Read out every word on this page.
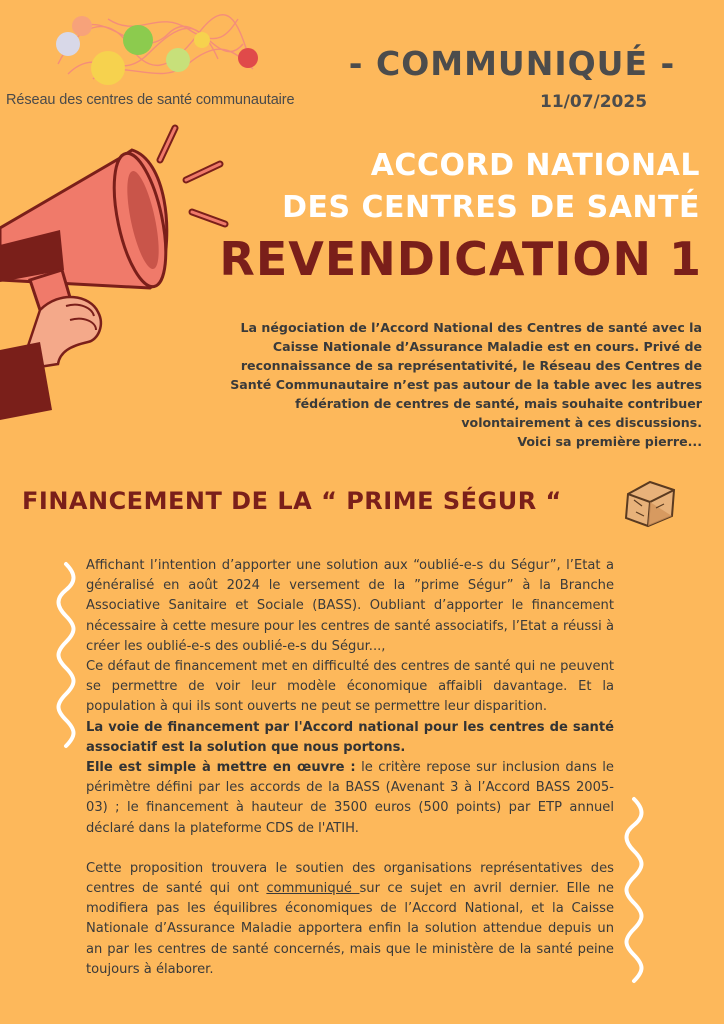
Réseau des centres de santé communautaire
- COMMUNIQUÉ -
11/07/2025
ACCORD NATIONAL
DES CENTRES DE SANTÉ
REVENDICATION 1

La négociation de l’Accord National des Centres de santé avec la Caisse Nationale d’Assurance Maladie est en cours. Privé de reconnaissance de sa représentativité, le Réseau des Centres de Santé Communautaire n’est pas autour de la table avec les autres fédération de centres de santé, mais souhaite contribuer volontairement à ces discussions.

Voici sa première pierre...

FINANCEMENT DE LA “ PRIME SÉGUR “

Affichant l’intention d’apporter une solution aux “oublié-e-s du Ségur”, l’Etat a généralisé en août 2024 le versement de la ”prime Ségur” à la Branche Associative Sanitaire et Sociale (BASS). Oubliant d’apporter le financement nécessaire à cette mesure pour les centres de santé associatifs, l’Etat a réussi à créer les oublié-e-s des oublié-e-s du Ségur...,

Ce défaut de financement met en difficulté des centres de santé qui ne peuvent se permettre de voir leur modèle économique affaibli davantage. Et la population à qui ils sont ouverts ne peut se permettre leur disparition.

La voie de financement par l'Accord national pour les centres de santé associatif est la solution que nous portons.

Elle est simple à mettre en œuvre : le critère repose sur inclusion dans le périmètre défini par les accords de la BASS (Avenant 3 à l’Accord BASS 2005-03) ; le financement à hauteur de 3500 euros (500 points) par ETP annuel déclaré dans la plateforme CDS de l'ATIH.

Cette proposition trouvera le soutien des organisations représentatives des centres de santé qui ont communiqué sur ce sujet en avril dernier. Elle ne modifiera pas les équilibres économiques de l’Accord National, et la Caisse Nationale d’Assurance Maladie apportera enfin la solution attendue depuis un an par les centres de santé concernés, mais que le ministère de la santé peine toujours à élaborer.
